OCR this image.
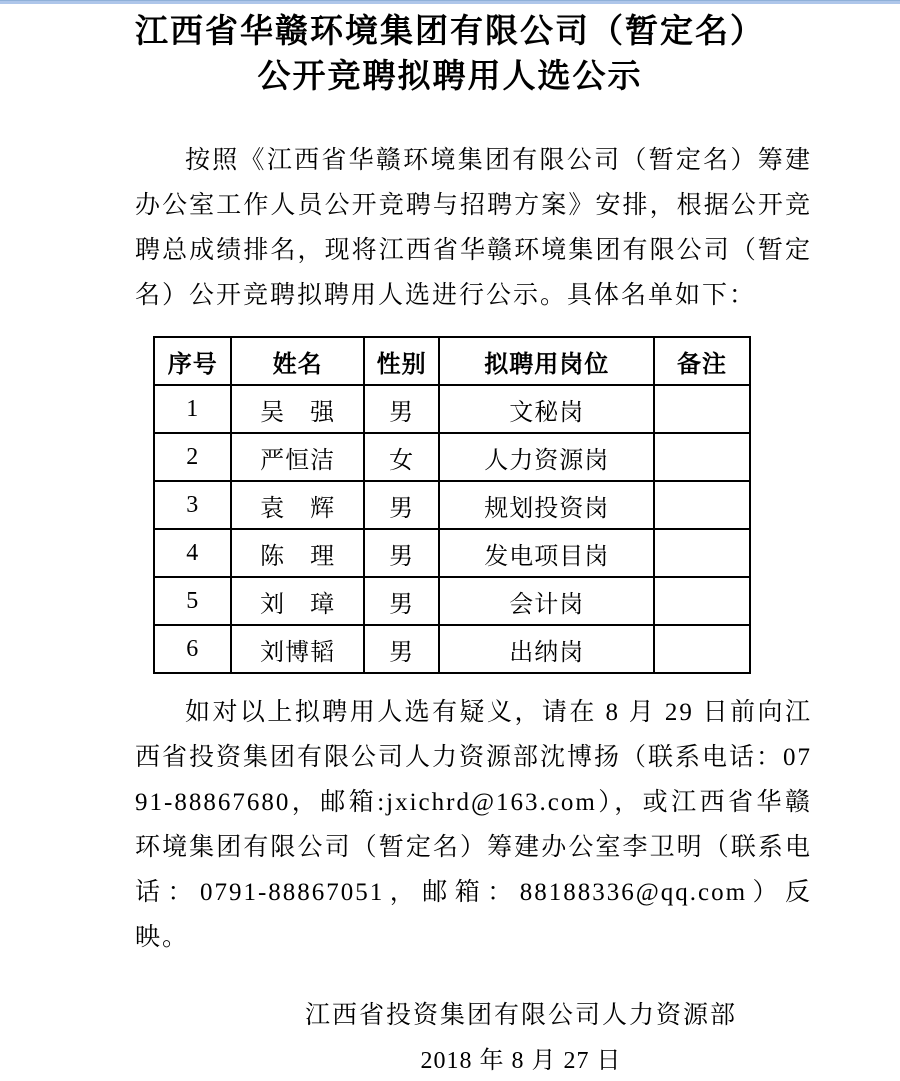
江西省华赣环境集团有限公司（暂定名）
公开竞聘拟聘用人选公示

按照《江西省华赣环境集团有限公司（暂定名）筹建办公室工作人员公开竞聘与招聘方案》安排，根据公开竞聘总成绩排名，现将江西省华赣环境集团有限公司（暂定名）公开竞聘拟聘用人选进行公示。具体名单如下：

序号	姓名	性别	拟聘用岗位	备注
1	吴　强	男	文秘岗	
2	严恒洁	女	人力资源岗	
3	袁　辉	男	规划投资岗	
4	陈　理	男	发电项目岗	
5	刘　璋	男	会计岗	
6	刘博韬	男	出纳岗	

如对以上拟聘用人选有疑义，请在 8 月 29 日前向江西省投资集团有限公司人力资源部沈博扬（联系电话：0791-88867680，邮箱:jxichrd@163.com），或江西省华赣环境集团有限公司（暂定名）筹建办公室李卫明（联系电话：0791-88867051，邮箱：88188336@qq.com）反映。

江西省投资集团有限公司人力资源部
2018 年 8 月 27 日
